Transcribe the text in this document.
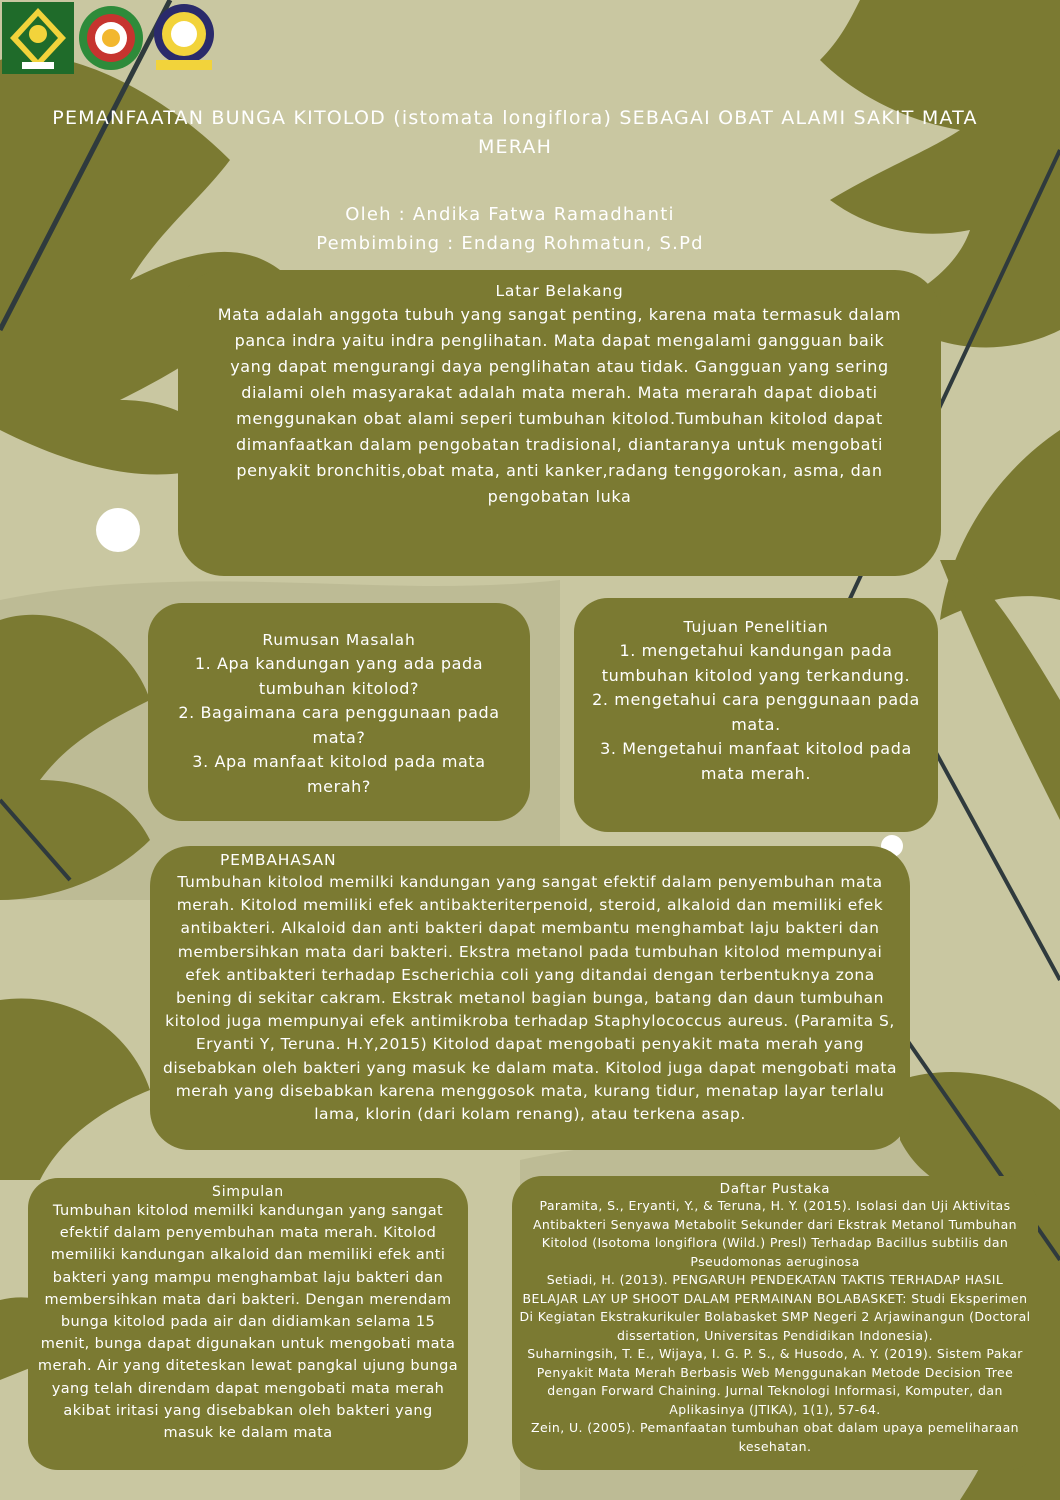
PEMANFAATAN BUNGA KITOLOD (istomata longiflora) SEBAGAI OBAT ALAMI SAKIT MATA MERAH
Oleh : Andika Fatwa Ramadhanti
Pembimbing : Endang Rohmatun, S.Pd

Latar Belakang

Mata adalah anggota tubuh yang sangat penting, karena mata termasuk dalam panca indra yaitu indra penglihatan. Mata dapat mengalami gangguan baik yang dapat mengurangi daya penglihatan atau tidak. Gangguan yang sering dialami oleh masyarakat adalah mata merah. Mata merarah dapat diobati menggunakan obat alami seperi tumbuhan kitolod.Tumbuhan kitolod dapat dimanfaatkan dalam pengobatan tradisional, diantaranya untuk mengobati penyakit bronchitis,obat mata, anti kanker,radang tenggorokan, asma, dan pengobatan luka

Rumusan Masalah

1. Apa kandungan yang ada pada tumbuhan kitolod?
2. Bagaimana cara penggunaan pada mata?
3. Apa manfaat kitolod pada mata merah?

Tujuan Penelitian

1. mengetahui kandungan pada tumbuhan kitolod yang terkandung.
2. mengetahui cara penggunaan pada mata.
3. Mengetahui manfaat kitolod pada mata merah.

PEMBAHASAN

Tumbuhan kitolod memilki kandungan yang sangat efektif dalam penyembuhan mata merah. Kitolod memiliki efek antibakteriterpenoid, steroid, alkaloid dan memiliki efek antibakteri. Alkaloid dan anti bakteri dapat membantu menghambat laju bakteri dan membersihkan mata dari bakteri. Ekstra metanol pada tumbuhan kitolod mempunyai efek antibakteri terhadap Escherichia coli yang ditandai dengan terbentuknya zona bening di sekitar cakram. Ekstrak metanol bagian bunga, batang dan daun tumbuhan kitolod juga mempunyai efek antimikroba terhadap Staphylococcus aureus. (Paramita S, Eryanti Y, Teruna. H.Y,2015) Kitolod dapat mengobati penyakit mata merah yang disebabkan oleh bakteri yang masuk ke dalam mata. Kitolod juga dapat mengobati mata merah yang disebabkan karena menggosok mata, kurang tidur, menatap layar terlalu lama, klorin (dari kolam renang), atau terkena asap.

Simpulan

Tumbuhan kitolod memilki kandungan yang sangat efektif dalam penyembuhan mata merah. Kitolod memiliki kandungan alkaloid dan memiliki efek anti bakteri yang mampu menghambat laju bakteri dan membersihkan mata dari bakteri. Dengan merendam bunga kitolod pada air dan didiamkan selama 15 menit, bunga dapat digunakan untuk mengobati mata merah. Air yang diteteskan lewat pangkal ujung bunga yang telah direndam dapat mengobati mata merah akibat iritasi yang disebabkan oleh bakteri yang masuk ke dalam mata

Daftar Pustaka

Paramita, S., Eryanti, Y., & Teruna, H. Y. (2015). Isolasi dan Uji Aktivitas Antibakteri Senyawa Metabolit Sekunder dari Ekstrak Metanol Tumbuhan Kitolod (Isotoma longiflora (Wild.) Presl) Terhadap Bacillus subtilis dan Pseudomonas aeruginosa

Setiadi, H. (2013). PENGARUH PENDEKATAN TAKTIS TERHADAP HASIL BELAJAR LAY UP SHOOT DALAM PERMAINAN BOLABASKET: Studi Eksperimen Di Kegiatan Ekstrakurikuler Bolabasket SMP Negeri 2 Arjawinangun (Doctoral dissertation, Universitas Pendidikan Indonesia).

Suharningsih, T. E., Wijaya, I. G. P. S., & Husodo, A. Y. (2019). Sistem Pakar Penyakit Mata Merah Berbasis Web Menggunakan Metode Decision Tree dengan Forward Chaining. Jurnal Teknologi Informasi, Komputer, dan Aplikasinya (JTIKA), 1(1), 57-64.

Zein, U. (2005). Pemanfaatan tumbuhan obat dalam upaya pemeliharaan kesehatan.
